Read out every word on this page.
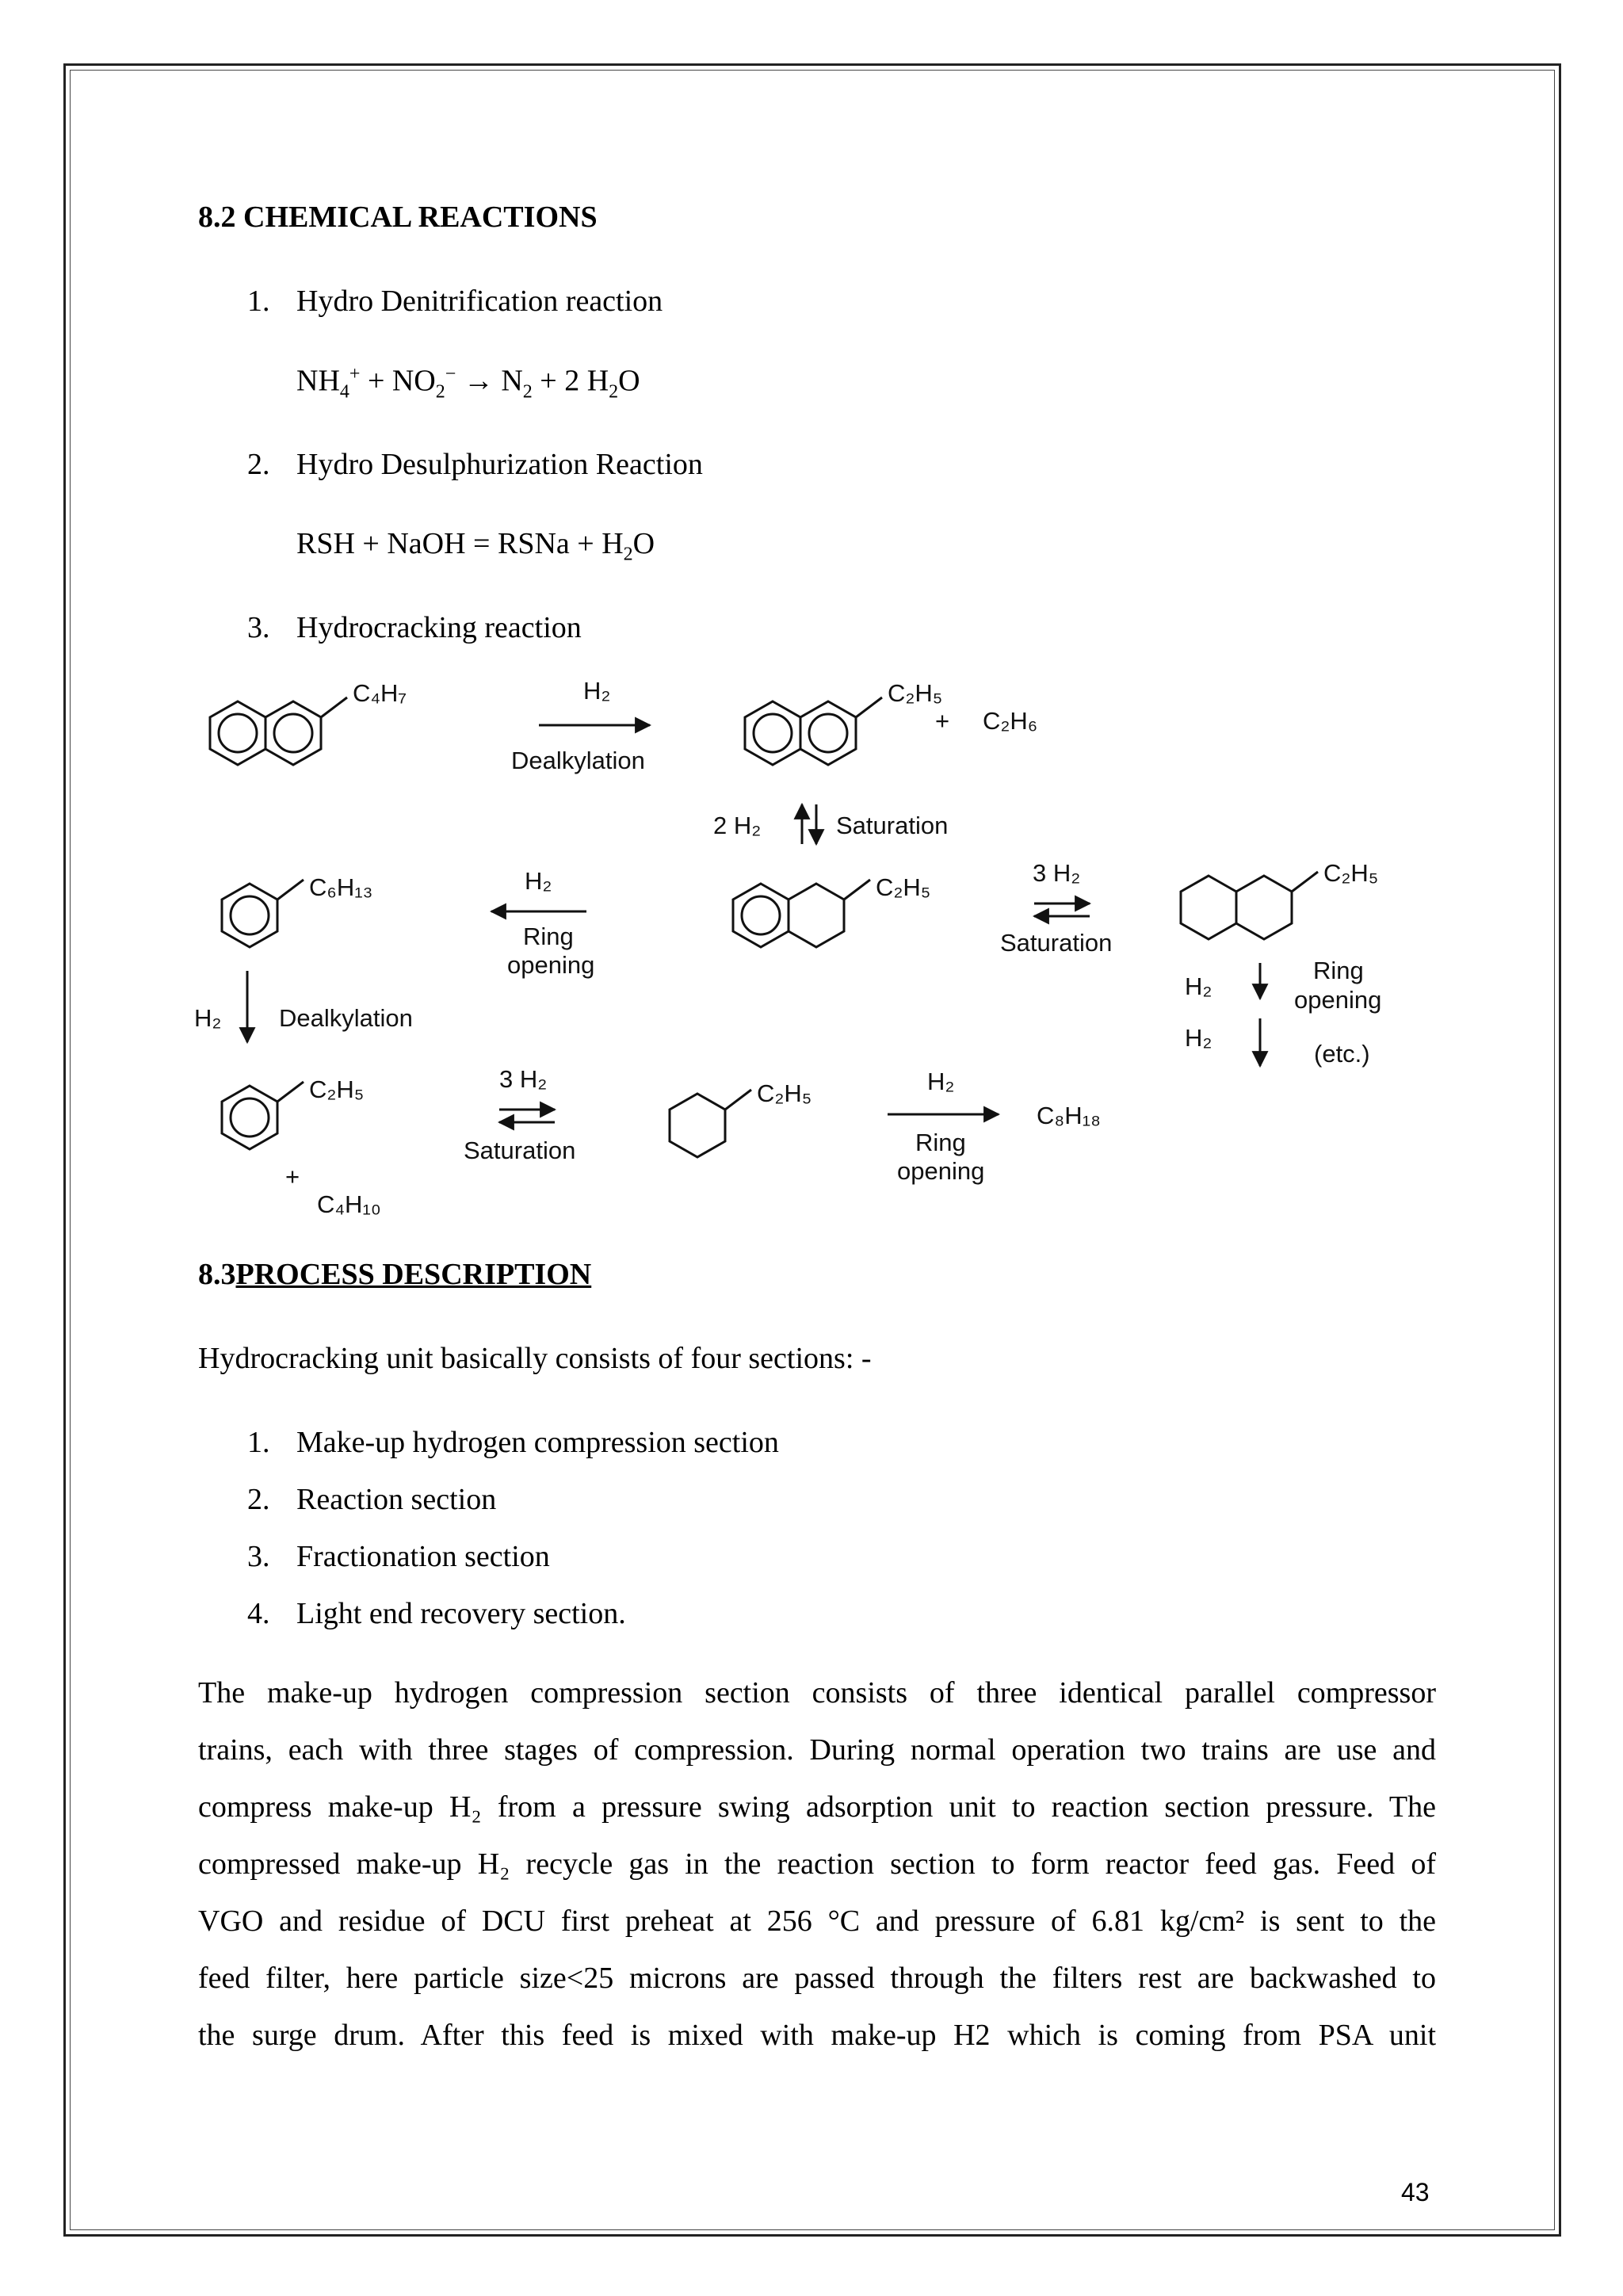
8.2 CHEMICAL REACTIONS
1. Hydro Denitrification reaction
$NH_4^+ + NO_2^- \to N_2 + 2$ $H_2O$
2. Hydro Desulphurization Reaction
RSH + NaOH = RSNa + $H_2O$
3. Hydrocracking reaction
C₄H₇	H₂
Dealkylation
C₂H₅
+ C₂H₆
2 H₂	Saturation
C₆H₁₃	H₂
Ring
opening
C₂H₅
3 H₂
Saturation
C₂H₅
H₂
H₂
Ring
opening
(etc.)
H₂ Dealkylation
C₂H₅
+
C₄H₁₀
3 H₂
Saturation
C₂H₅	H₂
Ring
opening
C₈H₁₈
8.3PROCESS DESCRIPTION
Hydrocracking unit basically consists of four sections: -
1. Make-up hydrogen compression section
2. Reaction section
3. Fractionation section
4. Light end recovery section.
The make-up hydrogen compression section consists of three identical parallel compressor
trains, each with three stages of compression. During normal operation two trains are use and
compress make-up H₂ from a pressure swing adsorption unit to reaction section pressure. The
compressed make-up H₂ recycle gas in the reaction section to form reactor feed gas. Feed of
VGO and residue of DCU first preheat at 256 °C and pressure of 6.81 kg/cm² is sent to the
feed filter, here particle size<25 microns are passed through the filters rest are backwashed to
the surge drum. After this feed is mixed with make-up H2 which is coming from PSA unit
43
